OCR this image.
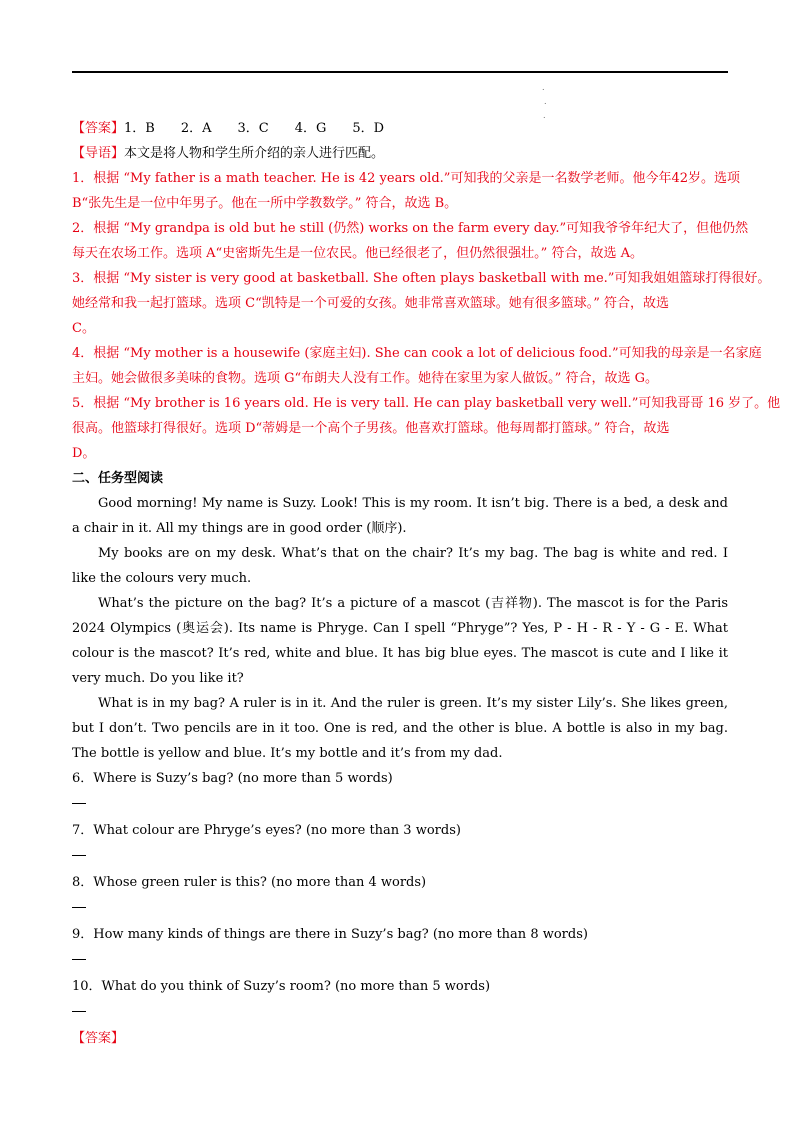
.
.
.
【答案】1．B　　2．A　　3．C　　4．G　　5．D
【导语】本文是将人物和学生所介绍的亲人进行匹配。
1．根据 “My father is a math teacher. He is 42 years old.”可知我的父亲是一名数学老师。他今年42岁。选项
B“张先生是一位中年男子。他在一所中学教数学。” 符合，故选 B。
2．根据 “My grandpa is old but he still (仍然) works on the farm every day.”可知我爷爷年纪大了，但他仍然
每天在农场工作。选项 A“史密斯先生是一位农民。他已经很老了，但仍然很强壮。” 符合，故选 A。
3．根据 “My sister is very good at basketball. She often plays basketball with me.”可知我姐姐篮球打得很好。
她经常和我一起打篮球。选项 C“凯特是一个可爱的女孩。她非常喜欢篮球。她有很多篮球。” 符合，故选
C。
4．根据 “My mother is a housewife (家庭主妇). She can cook a lot of delicious food.”可知我的母亲是一名家庭
主妇。她会做很多美味的食物。选项 G“布朗夫人没有工作。她待在家里为家人做饭。” 符合，故选 G。
5．根据 “My brother is 16 years old. He is very tall. He can play basketball very well.”可知我哥哥 16 岁了。他
很高。他篮球打得很好。选项 D“蒂姆是一个高个子男孩。他喜欢打篮球。他每周都打篮球。” 符合，故选
D。
二、任务型阅读
Good morning! My name is Suzy. Look! This is my room. It isn’t big. There is a bed, a desk and a chair in it. All my things are in good order (顺序).
My books are on my desk. What’s that on the chair? It’s my bag. The bag is white and red. I like the colours very much.
What’s the picture on the bag? It’s a picture of a mascot (吉祥物). The mascot is for the Paris 2024 Olympics (奥运会). Its name is Phryge. Can I spell “Phryge”? Yes, P - H - R - Y - G - E. What colour is the mascot? It’s red, white and blue. It has big blue eyes. The mascot is cute and I like it very much. Do you like it?
What is in my bag? A ruler is in it. And the ruler is green. It’s my sister Lily’s. She likes green, but I don’t. Two pencils are in it too. One is red, and the other is blue. A bottle is also in my bag. The bottle is yellow and blue. It’s my bottle and it’s from my dad.
6．Where is Suzy’s bag? (no more than 5 words)
7．What colour are Phryge’s eyes? (no more than 3 words)
8．Whose green ruler is this? (no more than 4 words)
9．How many kinds of things are there in Suzy’s bag? (no more than 8 words)
10．What do you think of Suzy’s room? (no more than 5 words)
【答案】
